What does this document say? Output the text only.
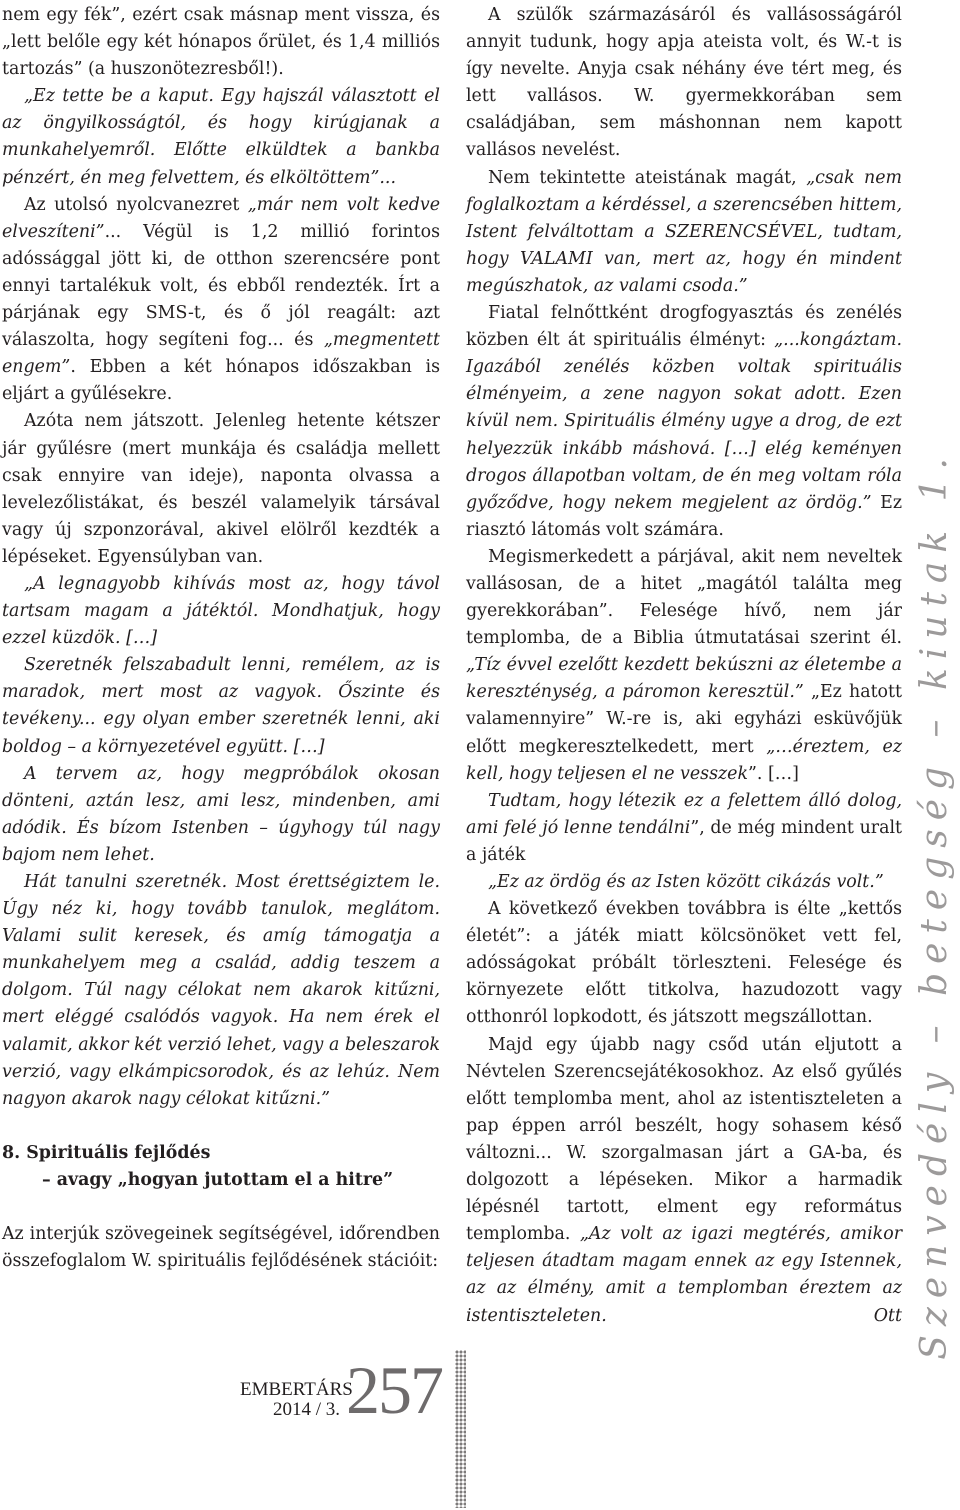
nem egy fék”, ezért csak másnap ment vissza, és „lett belőle egy két hónapos őrület, és 1,4 milliós tartozás” (a huszonötezresből!).

„Ez tette be a kaput. Egy hajszál választott el az öngyilkosságtól, és hogy kirúgjanak a munkahelyemről. Előtte elküldtek a bankba pénzért, én meg felvettem, és elköltöttem”...

Az utolsó nyolcvanezret „már nem volt kedve elveszíteni”... Végül is 1,2 millió forintos adóssággal jött ki, de otthon szerencsére pont ennyi tartalékuk volt, és ebből rendezték. Írt a párjának egy SMS-t, és ő jól reagált: azt válaszolta, hogy segíteni fog... és „megmentett engem”. Ebben a két hónapos időszakban is eljárt a gyűlésekre.

Azóta nem játszott. Jelenleg hetente kétszer jár gyűlésre (mert munkája és családja mellett csak ennyire van ideje), naponta olvassa a levelezőlistákat, és beszél valamelyik társával vagy új szponzorával, akivel elölről kezdték a lépéseket. Egyensúlyban van.

„A legnagyobb kihívás most az, hogy távol tartsam magam a játéktól. Mondhatjuk, hogy ezzel küzdök. […]

Szeretnék felszabadult lenni, remélem, az is maradok, mert most az vagyok. Őszinte és tevékeny... egy olyan ember szeretnék lenni, aki boldog – a környezetével együtt. […]

A tervem az, hogy megpróbálok okosan dönteni, aztán lesz, ami lesz, mindenben, ami adódik. És bízom Istenben – úgyhogy túl nagy bajom nem lehet.

Hát tanulni szeretnék. Most érettségiztem le. Úgy néz ki, hogy tovább tanulok, meglátom. Valami sulit keresek, és amíg támogatja a munkahelyem meg a család, addig teszem a dolgom. Túl nagy célokat nem akarok kitűzni, mert eléggé csalódós vagyok. Ha nem érek el valamit, akkor két verzió lehet, vagy a beleszarok verzió, vagy elkámpicsorodok, és az lehúz. Nem nagyon akarok nagy célokat kitűzni.”

8. Spirituális fejlődés
– avagy „hogyan jutottam el a hitre”

Az interjúk szövegeinek segítségével, időrendben összefoglalom W. spirituális fejlődésének stációit:

A szülők származásáról és vallásosságáról annyit tudunk, hogy apja ateista volt, és W.-t is így nevelte. Anyja csak néhány éve tért meg, és lett vallásos. W. gyermekkorában sem családjában, sem máshonnan nem kapott vallásos nevelést.

Nem tekintette ateistának magát, „csak nem foglalkoztam a kérdéssel, a szerencsében hittem, Istent felváltottam a SZERENCSÉVEL, tudtam, hogy VALAMI van, mert az, hogy én mindent megúszhatok, az valami csoda.”

Fiatal felnőttként drogfogyasztás és zenélés közben élt át spirituális élményt: „...kongáztam. Igazából zenélés közben voltak spirituális élményeim, a zene nagyon sokat adott. Ezen kívül nem. Spirituális élmény ugye a drog, de ezt helyezzük inkább máshová. […] elég keményen drogos állapotban voltam, de én meg voltam róla győződve, hogy nekem megjelent az ördög.” Ez riasztó látomás volt számára.

Megismerkedett a párjával, akit nem neveltek vallásosan, de a hitet „magától találta meg gyerekkorában”. Felesége hívő, nem jár templomba, de a Biblia útmutatásai szerint él. „Tíz évvel ezelőtt kezdett bekúszni az életembe a kereszténység, a páromon keresztül.” „Ez hatott valamennyire” W.-re is, aki egyházi esküvőjük előtt megkeresztelkedett, mert „…éreztem, ez kell, hogy teljesen el ne vesszek”. […]

Tudtam, hogy létezik ez a felettem álló dolog, ami felé jó lenne tendálni”, de még mindent uralt a játék

„Ez az ördög és az Isten között cikázás volt.”

A következő években továbbra is élte „kettős életét”: a játék miatt kölcsönöket vett fel, adósságokat próbált törleszteni. Felesége és környezete előtt titkolva, hazudozott vagy otthonról lopkodott, és játszott megszállottan.

Majd egy újabb nagy csőd után eljutott a Névtelen Szerencsejátékosokhoz. Az első gyűlés előtt templomba ment, ahol az istentiszteleten a pap éppen arról beszélt, hogy sohasem késő változni... W. szorgalmasan járt a GA-ba, és dolgozott a lépéseken. Mikor a harmadik lépésnél tartott, elment egy református templomba. „Az volt az igazi megtérés, amikor teljesen átadtam magam ennek az egy Istennek, az az élmény, amit a templomban éreztem az istentiszteleten. Ott Szenvedély – betegség – kiutak 1.
EMBERTÁRS
2014 / 3. 257
